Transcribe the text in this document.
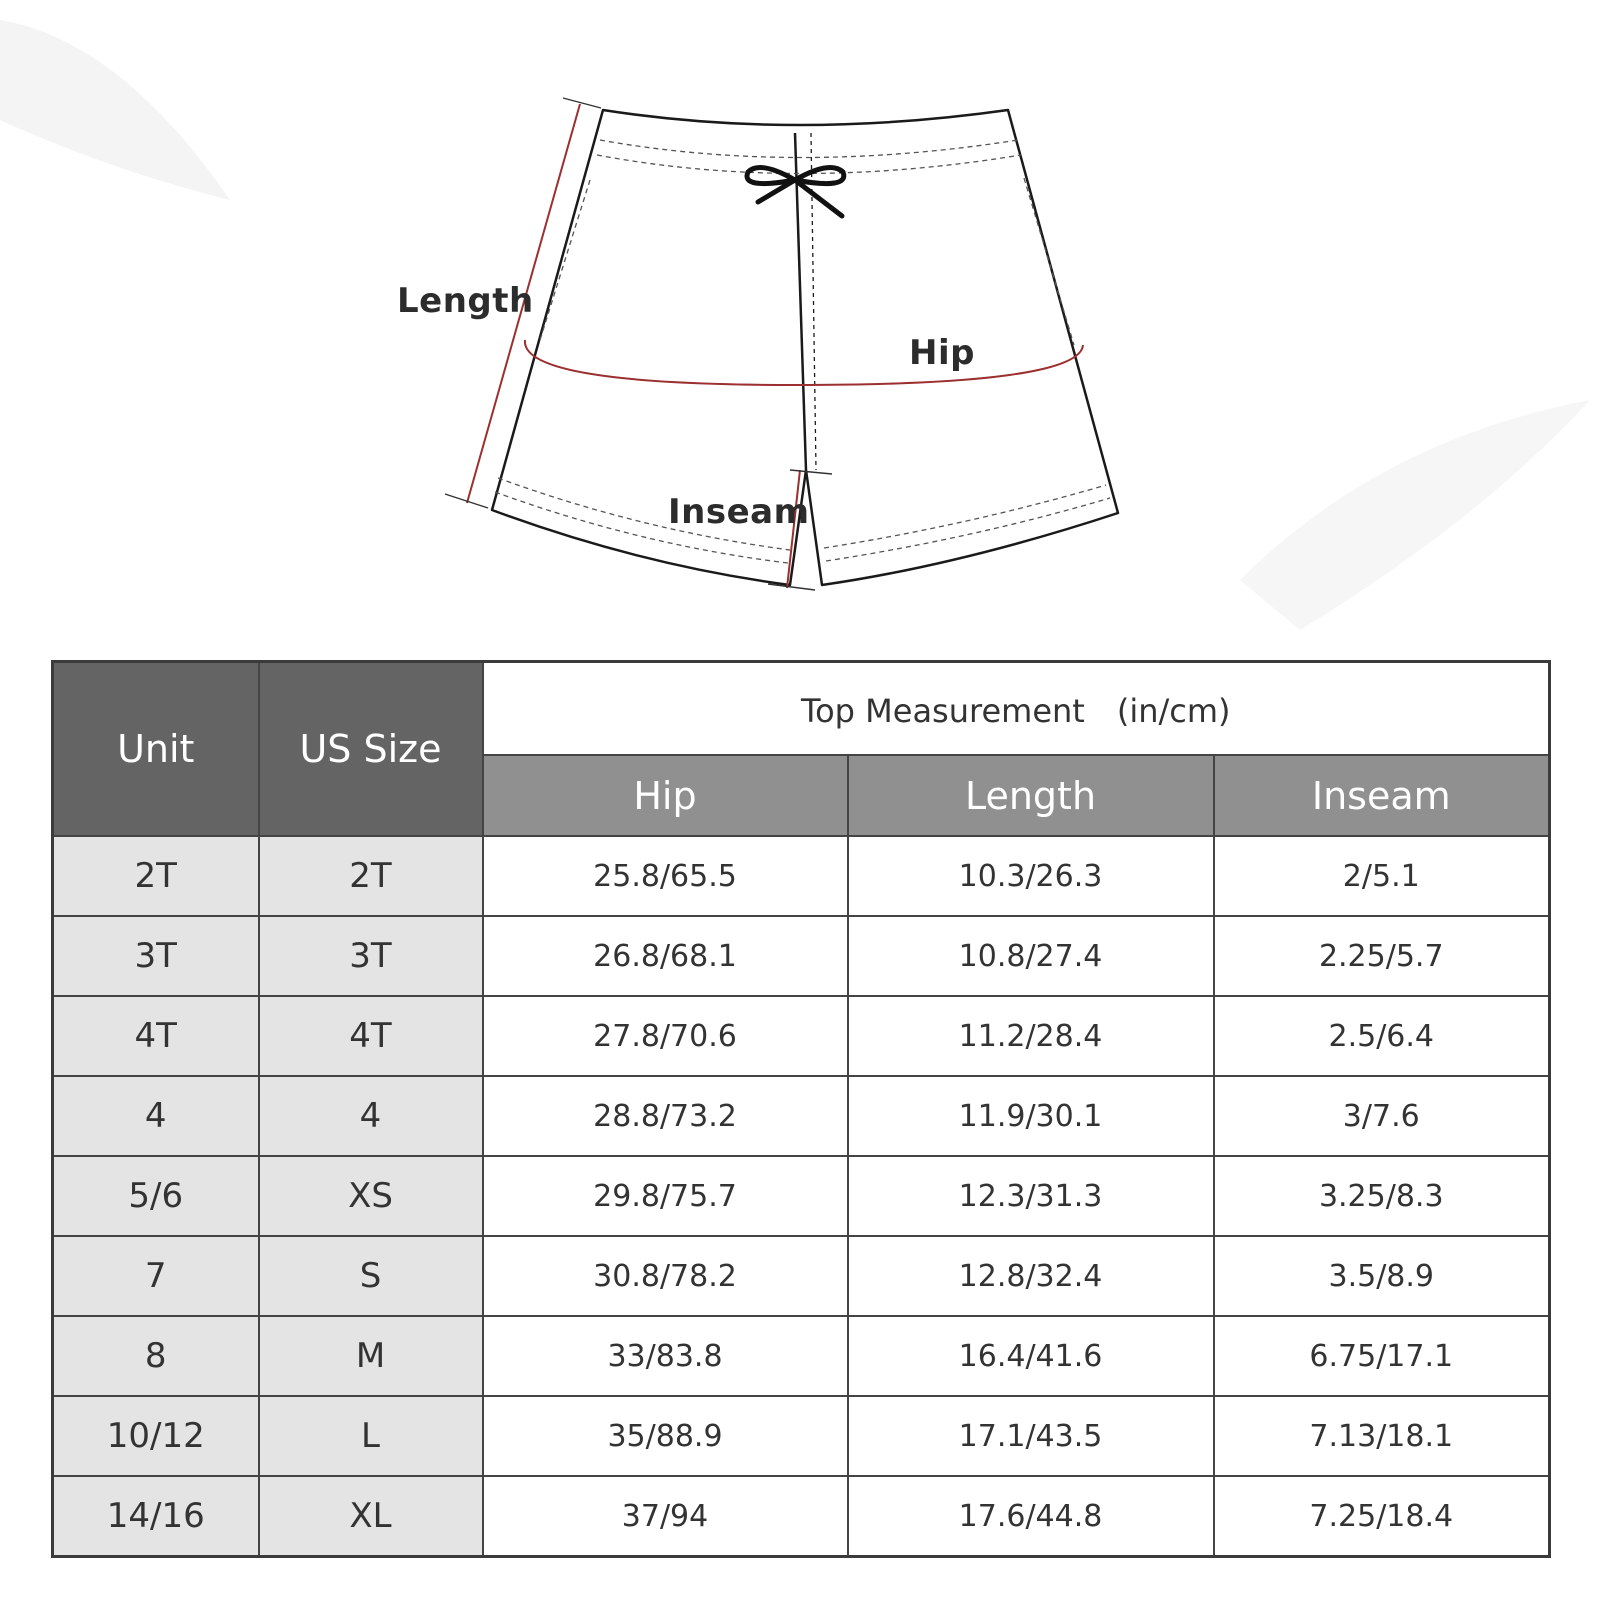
Length
Hip
Inseam
Unit	US Size	Top Measurement　(in/cm)		
		Hip	Length	Inseam
2T	2T	25.8/65.5	10.3/26.3	2/5.1
3T	3T	26.8/68.1	10.8/27.4	2.25/5.7
4T	4T	27.8/70.6	11.2/28.4	2.5/6.4
4	4	28.8/73.2	11.9/30.1	3/7.6
5/6	XS	29.8/75.7	12.3/31.3	3.25/8.3
7	S	30.8/78.2	12.8/32.4	3.5/8.9
8	M	33/83.8	16.4/41.6	6.75/17.1
10/12	L	35/88.9	17.1/43.5	7.13/18.1
14/16	XL	37/94	17.6/44.8	7.25/18.4
